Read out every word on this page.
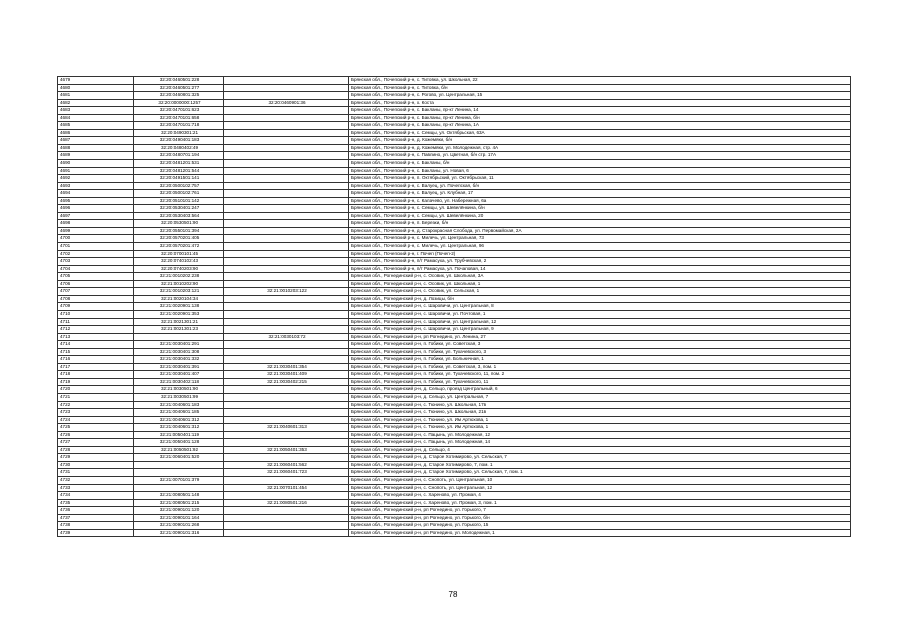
4679	32:20:0460501:228		Брянская обл., Почепский р-н, с. Титовка, ул. Школьная, 22
4680	32:20:0460501:277		Брянская обл., Почепский р-н, с. Титовка, б/н
4681	32:20:0460801:325		Брянская обл., Почепский р-н, с. Рогово, ул. Центральная, 15
4682	32:20:0000000:1257	32:20:0460901:36	Брянская обл., Почепский р-н, х. Коста
4683	32:20:0470101:623		Брянская обл., Почепский р-н, с. Бакланы, пр-кт Ленина, 14
4684	32:20:0470101:658		Брянская обл., Почепский р-н, с. Бакланы, пр-кт Ленина, б/н
4685	32:20:0470101:718		Брянская обл., Почепский р-н, с. Бакланы, пр-кт Ленина, 1А
4686	32:20:0490301:21		Брянская обл., Почепский р-н, с. Семцы, ул. Октябрьская, 63А
4687	32:20:0490401:183		Брянская обл., Почепский р-н, д. Кожемяки, б/н
4688	32:20:0480402:49		Брянская обл., Почепский р-н, д. Кожемяки, ул. Молодежная, стр. 4А
4689	32:20:0480701:194		Брянская обл., Почепский р-н, с. Павлино, ул. Цветная, б/н стр. 17А
4690	32:20:0481201:531		Брянская обл., Почепский р-н, с. Бакланы, б/н
4691	32:20:0481201:544		Брянская обл., Почепский р-н, с. Бакланы, ул. Новая, 6
4692	32:20:0491501:141		Брянская обл., Почепский р-н, п. Октябрьский, ул. Октябрьская, 11
4693	32:20:0500102:757		Брянская обл., Почепский р-н, с. Валуец, ул. Почепская, б/н
4694	32:20:0500102:761		Брянская обл., Почепский р-н, с. Валуец, ул. Клубная, 17
4695	32:20:0510101:142		Брянская обл., Почепский р-н, с. Калачево, ул. Набережная, 6а
4696	32:20:0530401:247		Брянская обл., Почепский р-н, с. Семцы, ул. Шевелёнкина, б/н
4697	32:20:0530403:564		Брянская обл., Почепский р-н, с. Семцы, ул. Шевелёнкина, 20
4698	32:20:0530501:90		Брянская обл., Почепский р-н, п. Березки, б/н
4699	32:20:0550101:394		Брянская обл., Почепский р-н, д. Старокрасная Слобода, ул. Первомайская, 2А
4700	32:20:0570201:405		Брянская обл., Почепский р-н, с. Милечь, ул. Центральная, 73
4701	32:20:0570201:472		Брянская обл., Почепский р-н, с. Милечь, ул. Центральная, 96
4702	32:20:0700101:45		Брянская обл., Почепский р-н, г. Почеп (Почеп-2)
4703	32:20:0740102:43		Брянская обл., Почепский р-н, п/т Рамасуха, ул. Трубчевская, 2
4704	32:20:0740203:90		Брянская обл., Почепский р-н, п/т Рамасуха, ул. Почаповая, 14
4705	32:21:0010202:238		Брянская обл., Рогнединский р-н, с. Осовик, ул. Школьная, 3А
4706	32:21:0010202:90		Брянская обл., Рогнединский р-н, с. Осовик, ул. Школьная, 1
4707	32:21:0010203:121	32:21:0010203:122	Брянская обл., Рогнединский р-н, с. Осовик, ул. Сельская, 1
4708	32:21:0020104:34		Брянская обл., Рогнединский р-н, д. Лозицы, б/н
4709	32:21:0020901:138		Брянская обл., Рогнединский р-н, с. Шаровичи, ул. Центральная, 8
4710	32:21:0020901:353		Брянская обл., Рогнединский р-н, с. Шаровичи, ул. Почтовая, 1
4711	32:21:0021301:21		Брянская обл., Рогнединский р-н, с. Шаровичи, ул. Центральная, 12
4712	32:21:0021301:23		Брянская обл., Рогнединский р-н, с. Шаровичи, ул. Центральная, 9
4713		32:21:0030103:72	Брянская обл., Рогнединский р-н, рп Рогнедино, ул. Ленина, 27
4714	32:21:0030401:291		Брянская обл., Рогнединский р-н, п. Гобики, ул. Советская, 3
4715	32:21:0030401:308		Брянская обл., Рогнединский р-н, п. Гобики, ул. Тухачевского, 3
4716	32:21:0030401:332		Брянская обл., Рогнединский р-н, п. Гобики, ул. Больничная, 1
4717	32:21:0030401:391	32:21:0030401:354	Брянская обл., Рогнединский р-н, п. Гобики, ул. Советская, 3, пом. 1
4718	32:21:0030401:407	32:21:0030401:409	Брянская обл., Рогнединский р-н, п. Гобики, ул. Тухачевского, 11, пом. 2
4719	32:21:0030402:118	32:21:0030402:215	Брянская обл., Рогнединский р-н, п. Гобики, ул. Тухачевского, 11
4720	32:21:0030501:90		Брянская обл., Рогнединский р-н, д. Сельцо, проезд Центральный, 6
4721	32:21:0030501:99		Брянская обл., Рогнединский р-н, д. Сельцо, ул. Центральная, 7
4722	32:21:0040601:183		Брянская обл., Рогнединский р-н, с. Тюнино, ул. Школьная, 17в
4723	32:21:0040601:185		Брянская обл., Рогнединский р-н, с. Тюнино, ул. Школьная, 21в
4724	32:21:0040601:312		Брянская обл., Рогнединский р-н, с. Тюнино, ул. Им Артюхова, 1
4725	32:21:0040601:312	32:21:0040601:313	Брянская обл., Рогнединский р-н, с. Тюнино, ул. Им Артюхова, 1
4726	32:21:0050401:119		Брянская обл., Рогнединский р-н, с. Пацынь, ул. Молодежная, 12
4727	32:21:0050401:128		Брянская обл., Рогнединский р-н, с. Пацынь, ул. Молодежная, 14
4728	32:21:0050501:92	32:21:0050401:353	Брянская обл., Рогнединский р-н, д. Сельцо, 4
4729	32:21:0060401:520		Брянская обл., Рогнединский р-н, д. Старое Хотимирово, ул. Сельская, 7
4730		32:21:0060401:562	Брянская обл., Рогнединский р-н, д. Старое Хотимирово, 7, пом. 1
4731		32:21:0060401:723	Брянская обл., Рогнединский р-н, д. Старое Хотимирово, ул. Сельская, 7, пом. 1
4732	32:21:0070101:379		Брянская обл., Рогнединский р-н, с. Снопоть, ул. Центральная, 10
4733		32:21:0070101:454	Брянская обл., Рогнединский р-н, с. Снопоть, ул. Центральная, 12
4734	32:21:0080501:148		Брянская обл., Рогнединский р-н, с. Хареново, ул. Промая, 4
4735	32:21:0080501:215	32:21:0080501:216	Брянская обл., Рогнединский р-н, с. Хареново, ул. Промая, 3, пом. 1
4736	32:21:0090101:120		Брянская обл., Рогнединский р-н, рп Рогнедино, ул. Горького, 7
4737	32:21:0090101:164		Брянская обл., Рогнединский р-н, рп Рогнедино, ул. Горького, б/н
4738	32:21:0090101:268		Брянская обл., Рогнединский р-н, рп Рогнедино, ул. Горького, 15
4739	32:21:0090101:316		Брянская обл., Рогнединский р-н, рп Рогнедино, ул. Молодежная, 1
78
